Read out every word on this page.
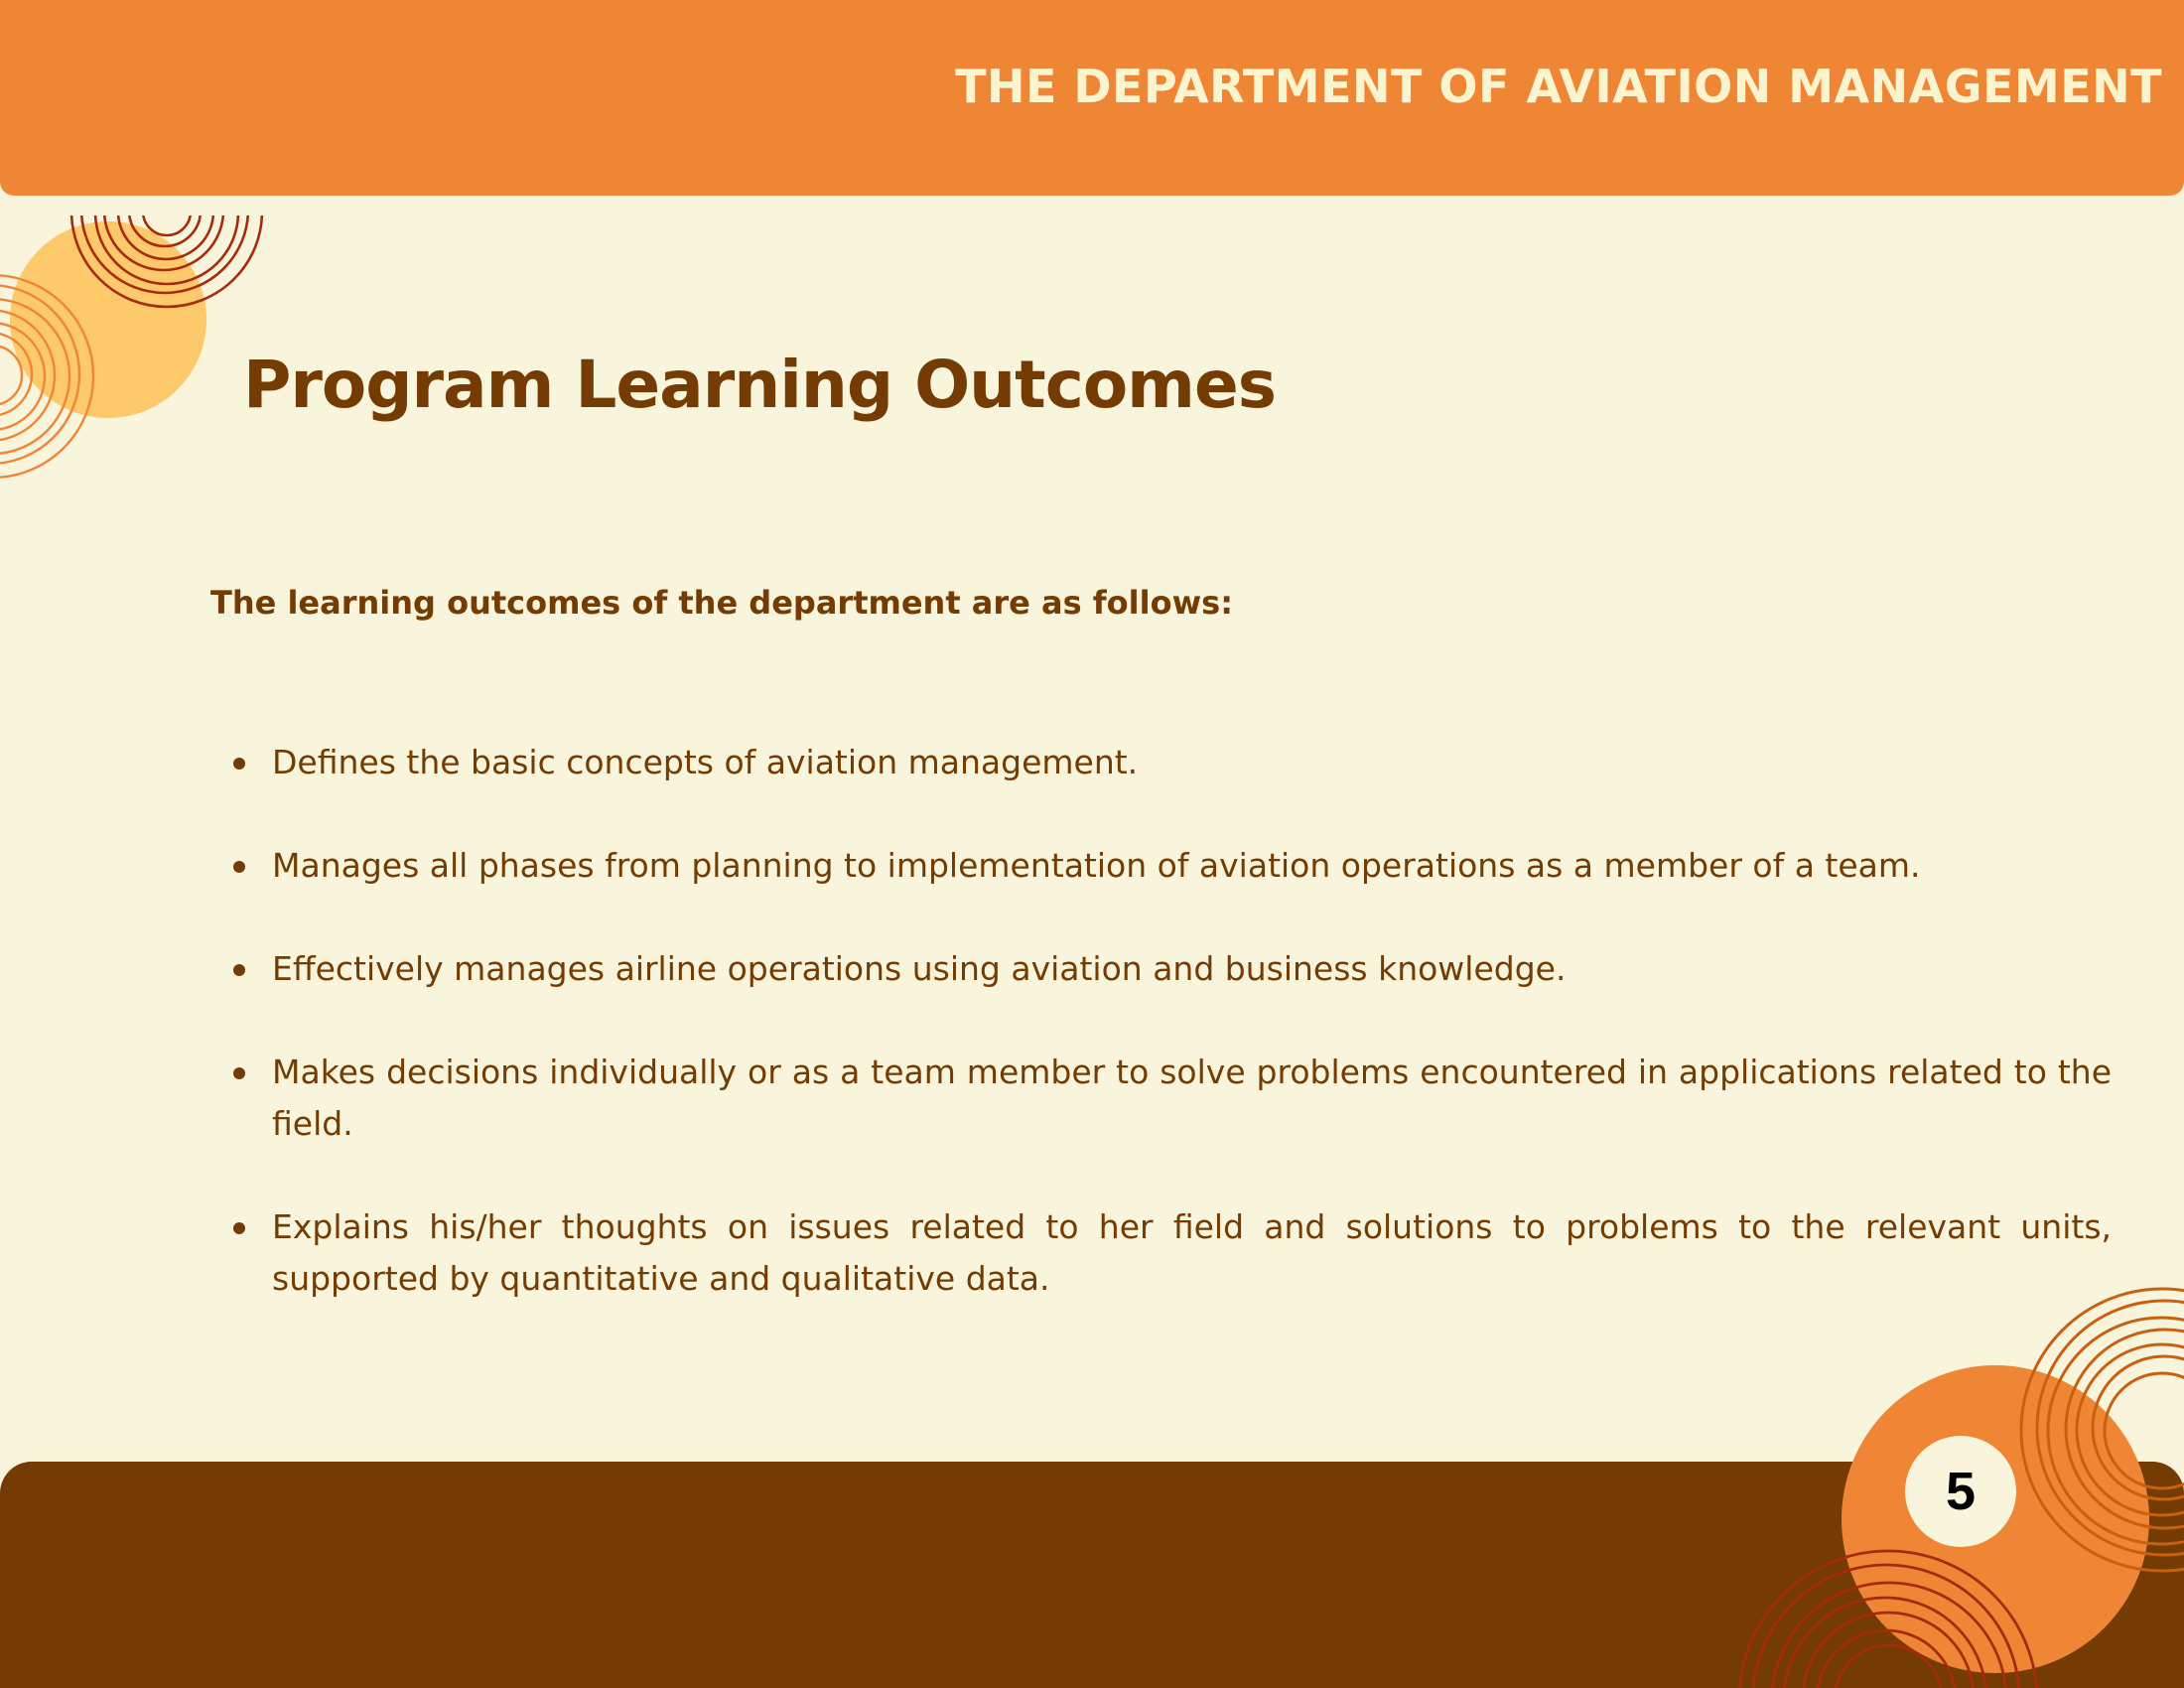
THE DEPARTMENT OF AVIATION MANAGEMENT
Program Learning Outcomes

The learning outcomes of the department are as follows:

Defines the basic concepts of aviation management.
Manages all phases from planning to implementation of aviation operations as a member of a team.
Effectively manages airline operations using aviation and business knowledge.
Makes decisions individually or as a team member to solve problems encountered in applications related to the field.
Explains his/her thoughts on issues related to her field and solutions to problems to the relevant units, supported by quantitative and qualitative data.
5
